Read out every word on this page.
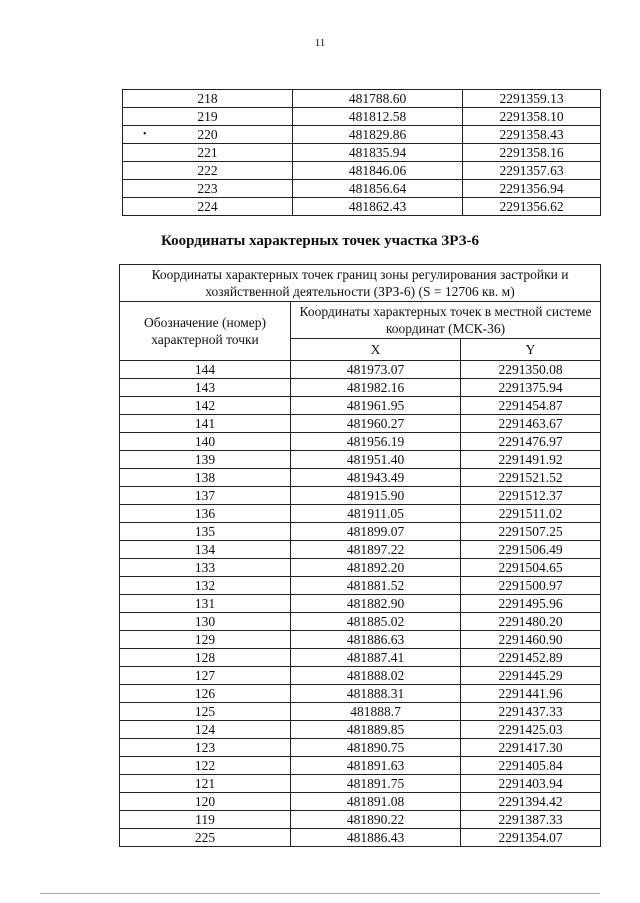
11
218	481788.60	2291359.13
219	481812.58	2291358.10
220	481829.86	2291358.43
221	481835.94	2291358.16
222	481846.06	2291357.63
223	481856.64	2291356.94
224	481862.43	2291356.62
•
Координаты характерных точек участка ЗРЗ-6
Координаты характерных точек границ зоны регулирования застройки и хозяйственной деятельности (ЗРЗ-6) (S = 12706 кв. м)		
Обозначение (номер) характерной точки	Координаты характерных точек в местной системе координат (МСК-36)	
	X	Y
144	481973.07	2291350.08
143	481982.16	2291375.94
142	481961.95	2291454.87
141	481960.27	2291463.67
140	481956.19	2291476.97
139	481951.40	2291491.92
138	481943.49	2291521.52
137	481915.90	2291512.37
136	481911.05	2291511.02
135	481899.07	2291507.25
134	481897.22	2291506.49
133	481892.20	2291504.65
132	481881.52	2291500.97
131	481882.90	2291495.96
130	481885.02	2291480.20
129	481886.63	2291460.90
128	481887.41	2291452.89
127	481888.02	2291445.29
126	481888.31	2291441.96
125	481888.7	2291437.33
124	481889.85	2291425.03
123	481890.75	2291417.30
122	481891.63	2291405.84
121	481891.75	2291403.94
120	481891.08	2291394.42
119	481890.22	2291387.33
225	481886.43	2291354.07
